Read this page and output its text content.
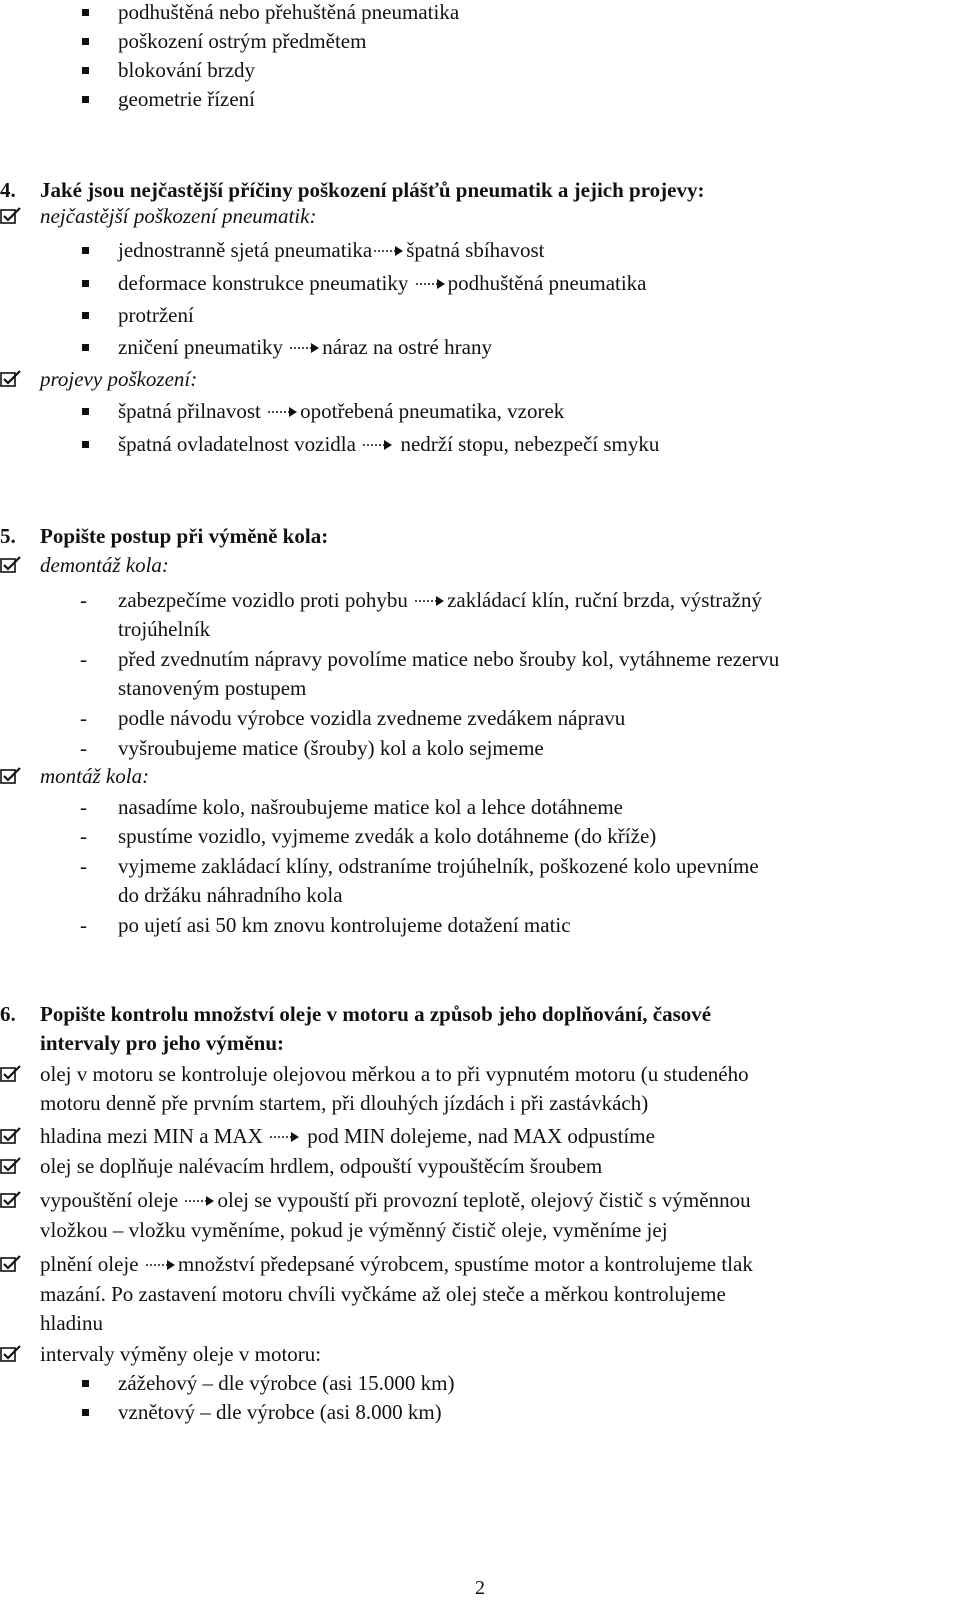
podhuštěná nebo přehuštěná pneumatika
poškození ostrým předmětem
blokování brzdy
geometrie řízení
4. Jaké jsou nejčastější příčiny poškození plášťů pneumatik a jejich projevy:
nejčastější poškození pneumatik:
jednostranně sjetá pneumatika špatná sbíhavost
deformace konstrukce pneumatiky podhuštěná pneumatika
protržení
zničení pneumatiky náraz na ostré hrany
projevy poškození:
špatná přilnavost opotřebená pneumatika, vzorek
špatná ovladatelnost vozidla nedrží stopu, nebezpečí smyku
5. Popište postup při výměně kola:
demontáž kola:
- zabezpečíme vozidlo proti pohybu zakládací klín, ruční brzda, výstražný
trojúhelník
- před zvednutím nápravy povolíme matice nebo šrouby kol, vytáhneme rezervu
stanoveným postupem
- podle návodu výrobce vozidla zvedneme zvedákem nápravu
- vyšroubujeme matice (šrouby) kol a kolo sejmeme
montáž kola:
- nasadíme kolo, našroubujeme matice kol a lehce dotáhneme
- spustíme vozidlo, vyjmeme zvedák a kolo dotáhneme (do kříže)
- vyjmeme zakládací klíny, odstraníme trojúhelník, poškozené kolo upevníme
do držáku náhradního kola
- po ujetí asi 50 km znovu kontrolujeme dotažení matic
6. Popište kontrolu množství oleje v motoru a způsob jeho doplňování, časové
intervaly pro jeho výměnu:
olej v motoru se kontroluje olejovou měrkou a to při vypnutém motoru (u studeného
motoru denně pře prvním startem, při dlouhých jízdách i při zastávkách)
hladina mezi MIN a MAX pod MIN dolejeme, nad MAX odpustíme
olej se doplňuje nalévacím hrdlem, odpouští vypouštěcím šroubem
vypouštění oleje olej se vypouští při provozní teplotě, olejový čistič s výměnnou
vložkou – vložku vyměníme, pokud je výměnný čistič oleje, vyměníme jej
plnění oleje množství předepsané výrobcem, spustíme motor a kontrolujeme tlak
mazání. Po zastavení motoru chvíli vyčkáme až olej steče a měrkou kontrolujeme
hladinu
intervaly výměny oleje v motoru:
zážehový – dle výrobce (asi 15.000 km)
vznětový – dle výrobce (asi 8.000 km)
2
